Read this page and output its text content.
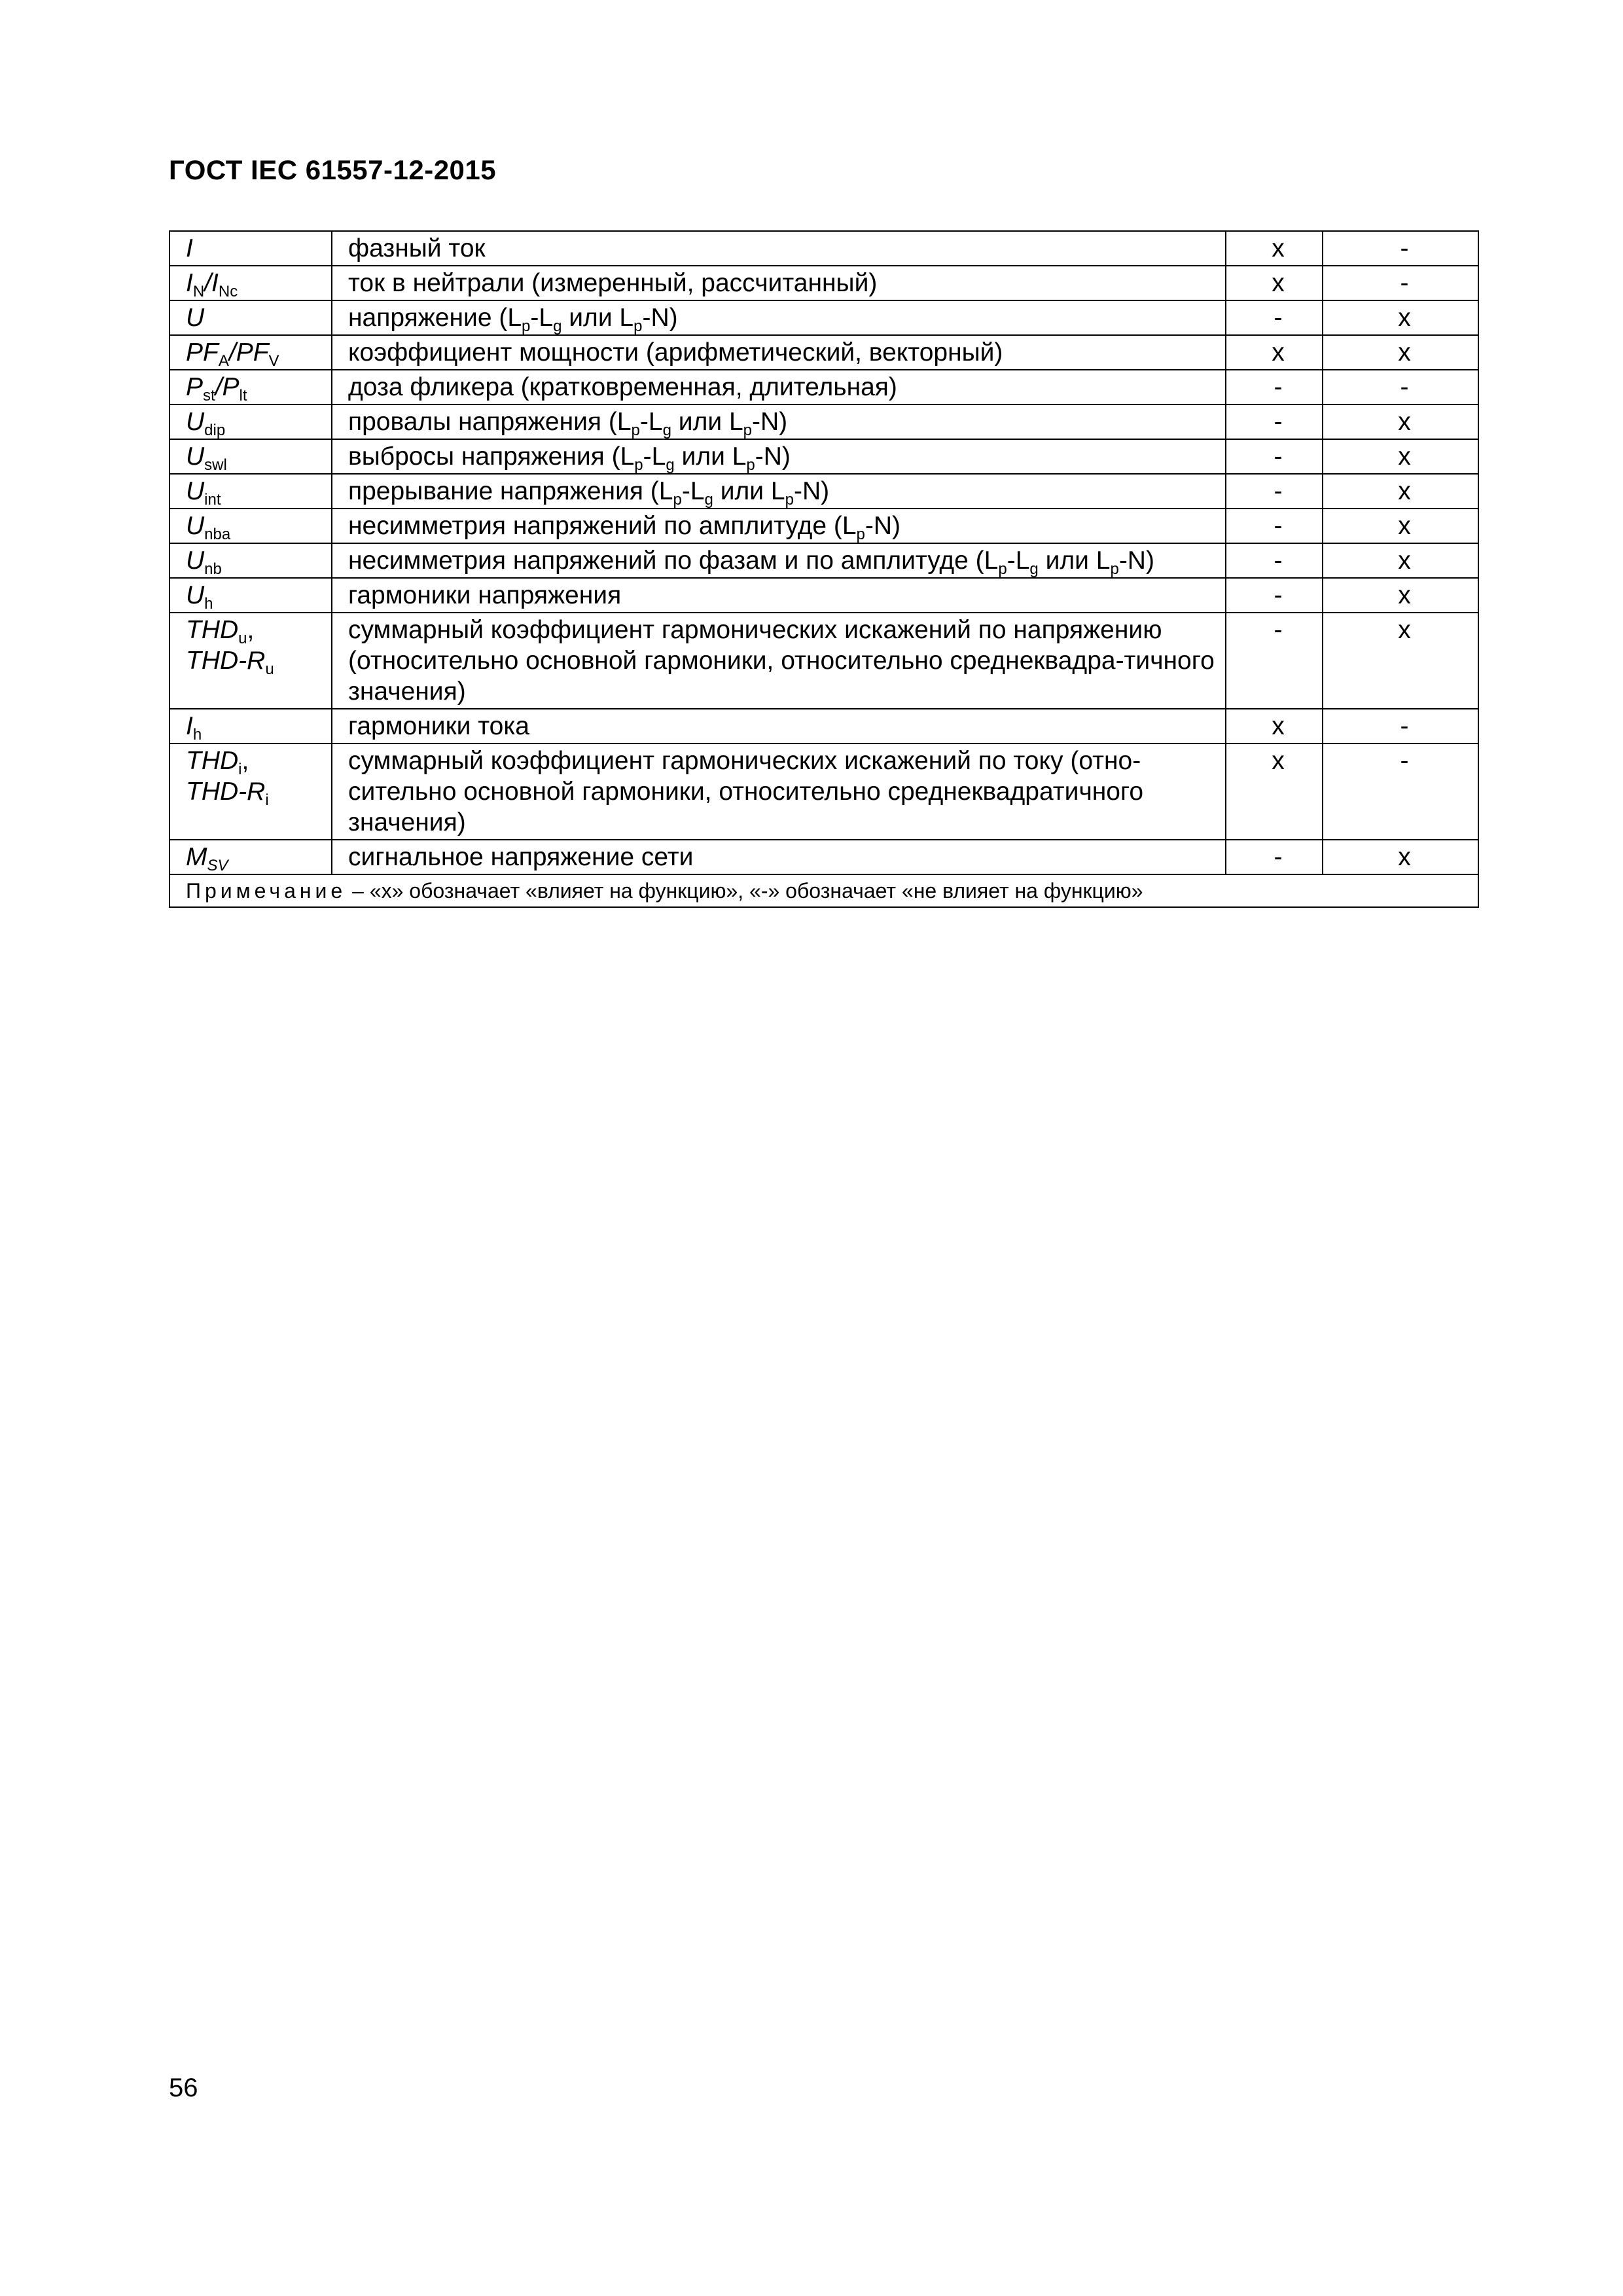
ГОСТ IEC 61557-12-2015
I	фазный ток	x	-
$I_N/I_{Nc}$	ток в нейтрали (измеренный, рассчитанный)	x	-
U	напряжение ($L_p-L_g$ или $L_p-N$)	-	x
$PF_A/PF_V$	коэффициент мощности (арифметический, векторный)	x	x
$P_{st}/P_{lt}$	доза фликера (кратковременная, длительная)	-	-
$U_{dip}$	провалы напряжения ($L_p-L_g$ или $L_p-N$)	-	x
$U_{swl}$	выбросы напряжения ($L_p-L_g$ или $L_p-N$)	-	x
$U_{int}$	прерывание напряжения ($L_p-L_g$ или $L_p-N$)	-	x
$U_{nba}$	несимметрия напряжений по амплитуде $(L_p-N)$	-	x
$U_{nb}$	несимметрия напряжений по фазам и по амплитуде ($L_p-L_g$ или $L_p-N$)	-	x
$U_h$	гармоники напряжения	-	x
$THD_u$,
THD-$R_u$	суммарный коэффициент гармонических искажений по напряжению (относительно основной гармоники, относительно среднеквадра-тичного значения)	-	x
$I_h$	гармоники тока	x	-
$THD_i$,
THD-$R_i$	суммарный коэффициент гармонических искажений по току (отно-сительно основной гармоники, относительно среднеквадратичного значения)	x	-
$M_{SV}$	сигнальное напряжение сети	-	x
Примечание – «x» обозначает «влияет на функцию», «-» обозначает «не влияет на функцию»			
56
